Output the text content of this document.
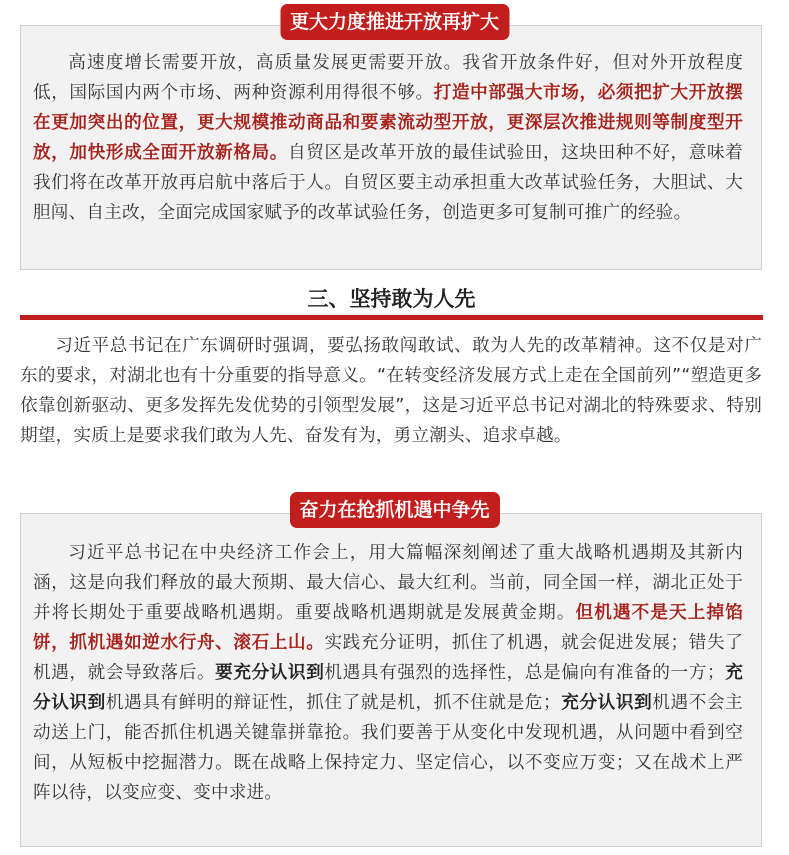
高速度增长需要开放，高质量发展更需要开放。我省开放条件好，但对外开放程度低，国际国内两个市场、两种资源利用得很不够。打造中部强大市场，必须把扩大开放摆在更加突出的位置，更大规模推动商品和要素流动型开放，更深层次推进规则等制度型开放，加快形成全面开放新格局。自贸区是改革开放的最佳试验田，这块田种不好，意味着我们将在改革开放再启航中落后于人。自贸区要主动承担重大改革试验任务，大胆试、大胆闯、自主改，全面完成国家赋予的改革试验任务，创造更多可复制可推广的经验。

更大力度推进开放再扩大
三、坚持敢为人先

习近平总书记在广东调研时强调，要弘扬敢闯敢试、敢为人先的改革精神。这不仅是对广东的要求，对湖北也有十分重要的指导意义。“在转变经济发展方式上走在全国前列”“塑造更多依靠创新驱动、更多发挥先发优势的引领型发展”，这是习近平总书记对湖北的特殊要求、特别期望，实质上是要求我们敢为人先、奋发有为，勇立潮头、追求卓越。

习近平总书记在中央经济工作会上，用大篇幅深刻阐述了重大战略机遇期及其新内涵，这是向我们释放的最大预期、最大信心、最大红利。当前，同全国一样，湖北正处于并将长期处于重要战略机遇期。重要战略机遇期就是发展黄金期。但机遇不是天上掉馅饼，抓机遇如逆水行舟、滚石上山。实践充分证明，抓住了机遇，就会促进发展；错失了机遇，就会导致落后。要充分认识到机遇具有强烈的选择性，总是偏向有准备的一方；充分认识到机遇具有鲜明的辩证性，抓住了就是机，抓不住就是危；充分认识到机遇不会主动送上门，能否抓住机遇关键靠拼靠抢。我们要善于从变化中发现机遇，从问题中看到空间，从短板中挖掘潜力。既在战略上保持定力、坚定信心，以不变应万变；又在战术上严阵以待，以变应变、变中求进。

奋力在抢抓机遇中争先
